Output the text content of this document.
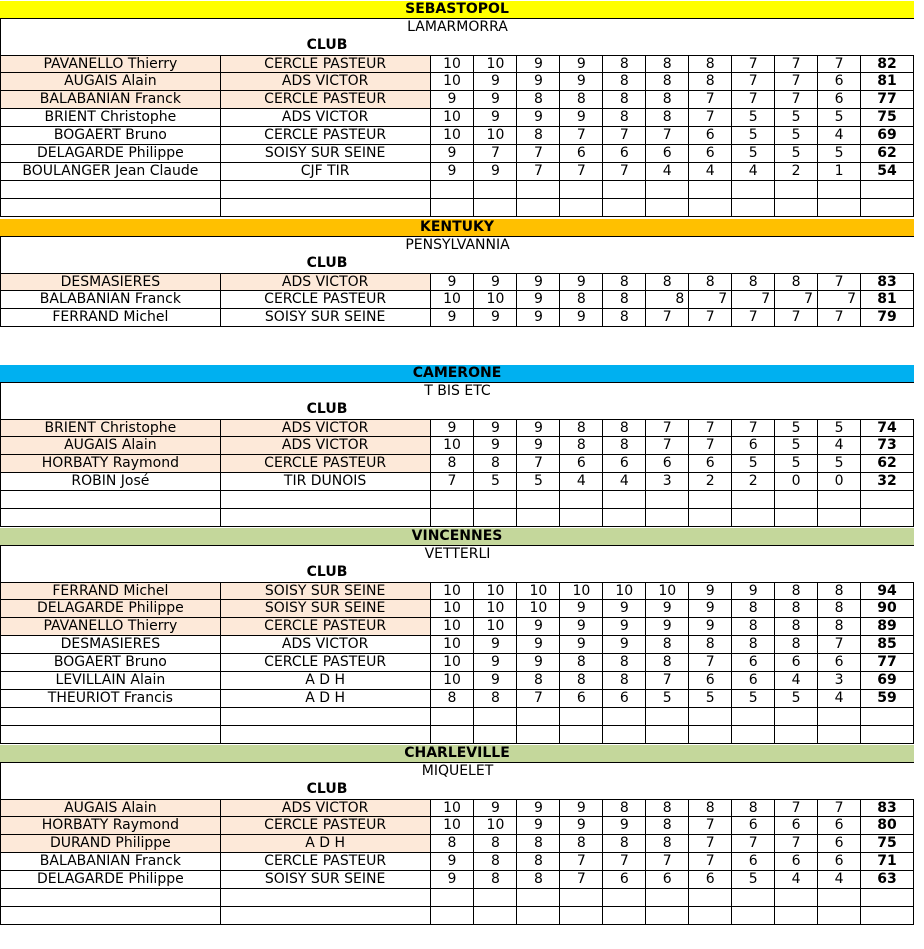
SEBASTOPOL
LAMARMORRA
CLUB
PAVANELLO Thierry	CERCLE PASTEUR	10	10	9	9	8	8	8	7	7	7	82
AUGAIS Alain	ADS VICTOR	10	9	9	9	8	8	8	7	7	6	81
BALABANIAN Franck	CERCLE PASTEUR	9	9	8	8	8	8	7	7	7	6	77
BRIENT Christophe	ADS VICTOR	10	9	9	9	8	8	7	5	5	5	75
BOGAERT Bruno	CERCLE PASTEUR	10	10	8	7	7	7	6	5	5	4	69
DELAGARDE Philippe	SOISY SUR SEINE	9	7	7	6	6	6	6	5	5	5	62
BOULANGER Jean Claude	CJF TIR	9	9	7	7	7	4	4	4	2	1	54
KENTUKY
PENSYLVANNIA
CLUB
DESMASIERES	ADS VICTOR	9	9	9	9	8	8	8	8	8	7	83
BALABANIAN Franck	CERCLE PASTEUR	10	10	9	8	8	8	7	7	7	7	81
FERRAND Michel	SOISY SUR SEINE	9	9	9	9	8	7	7	7	7	7	79
CAMERONE
T BIS ETC
CLUB
BRIENT Christophe	ADS VICTOR	9	9	9	8	8	7	7	7	5	5	74
AUGAIS Alain	ADS VICTOR	10	9	9	8	8	7	7	6	5	4	73
HORBATY Raymond	CERCLE PASTEUR	8	8	7	6	6	6	6	5	5	5	62
ROBIN José	TIR DUNOIS	7	5	5	4	4	3	2	2	0	0	32
VINCENNES
VETTERLI
CLUB
FERRAND Michel	SOISY SUR SEINE	10	10	10	10	10	10	9	9	8	8	94
DELAGARDE Philippe	SOISY SUR SEINE	10	10	10	9	9	9	9	8	8	8	90
PAVANELLO Thierry	CERCLE PASTEUR	10	10	9	9	9	9	9	8	8	8	89
DESMASIERES	ADS VICTOR	10	9	9	9	9	8	8	8	8	7	85
BOGAERT Bruno	CERCLE PASTEUR	10	9	9	8	8	8	7	6	6	6	77
LEVILLAIN Alain	A D H	10	9	8	8	8	7	6	6	4	3	69
THEURIOT Francis	A D H	8	8	7	6	6	5	5	5	5	4	59
CHARLEVILLE
MIQUELET
CLUB
AUGAIS Alain	ADS VICTOR	10	9	9	9	8	8	8	8	7	7	83
HORBATY Raymond	CERCLE PASTEUR	10	10	9	9	9	8	7	6	6	6	80
DURAND Philippe	A D H	8	8	8	8	8	8	7	7	7	6	75
BALABANIAN Franck	CERCLE PASTEUR	9	8	8	7	7	7	7	6	6	6	71
DELAGARDE Philippe	SOISY SUR SEINE	9	8	8	7	6	6	6	5	4	4	63
